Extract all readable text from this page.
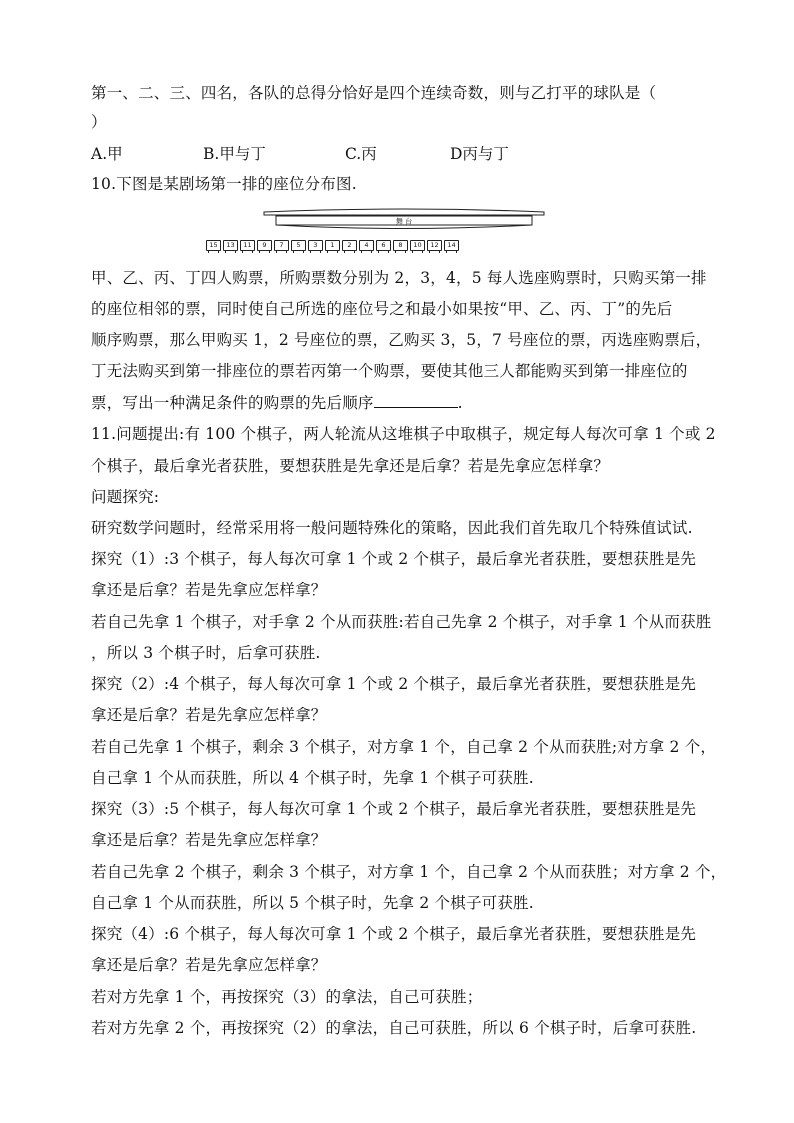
第一、二、三、四名，各队的总得分恰好是四个连续奇数，则与乙打平的球队是（
）
A.甲	B.甲与丁	C.丙	D丙与丁
10.下图是某剧场第一排的座位分布图.
舞 台
15	13	11	9	7	5	3	1	2	4	6	8	10	12	14
甲、乙、丙、丁四人购票，所购票数分别为 2，3，4，5 每人选座购票时，只购买第一排
的座位相邻的票，同时使自己所选的座位号之和最小如果按“甲、乙、丙、丁”的先后
顺序购票，那么甲购买 1，2 号座位的票，乙购买 3，5，7 号座位的票，丙选座购票后，
丁无法购买到第一排座位的票若丙第一个购票，要使其他三人都能购买到第一排座位的
票，写出一种满足条件的购票的先后顺序	.
11.问题提出:有 100 个棋子，两人轮流从这堆棋子中取棋子，规定每人每次可拿 1 个或 2
个棋子，最后拿光者获胜，要想获胜是先拿还是后拿？若是先拿应怎样拿？
问题探究:
研究数学问题时，经常采用将一般问题特殊化的策略，因此我们首先取几个特殊值试试.
探究（1）:3 个棋子，每人每次可拿 1 个或 2 个棋子，最后拿光者获胜，要想获胜是先
拿还是后拿？若是先拿应怎样拿？
若自己先拿 1 个棋子，对手拿 2 个从而获胜:若自己先拿 2 个棋子，对手拿 1 个从而获胜
，所以 3 个棋子时，后拿可获胜.
探究（2）:4 个棋子，每人每次可拿 1 个或 2 个棋子，最后拿光者获胜，要想获胜是先
拿还是后拿？若是先拿应怎样拿？
若自己先拿 1 个棋子，剩余 3 个棋子，对方拿 1 个，自己拿 2 个从而获胜;对方拿 2 个，
自己拿 1 个从而获胜，所以 4 个棋子时，先拿 1 个棋子可获胜.
探究（3）:5 个棋子，每人每次可拿 1 个或 2 个棋子，最后拿光者获胜，要想获胜是先
拿还是后拿？若是先拿应怎样拿？
若自己先拿 2 个棋子，剩余 3 个棋子，对方拿 1 个，自己拿 2 个从而获胜；对方拿 2 个，
自己拿 1 个从而获胜，所以 5 个棋子时，先拿 2 个棋子可获胜.
探究（4）:6 个棋子，每人每次可拿 1 个或 2 个棋子，最后拿光者获胜，要想获胜是先
拿还是后拿？若是先拿应怎样拿？
若对方先拿 1 个，再按探究（3）的拿法，自己可获胜；
若对方先拿 2 个，再按探究（2）的拿法，自己可获胜，所以 6 个棋子时，后拿可获胜.
